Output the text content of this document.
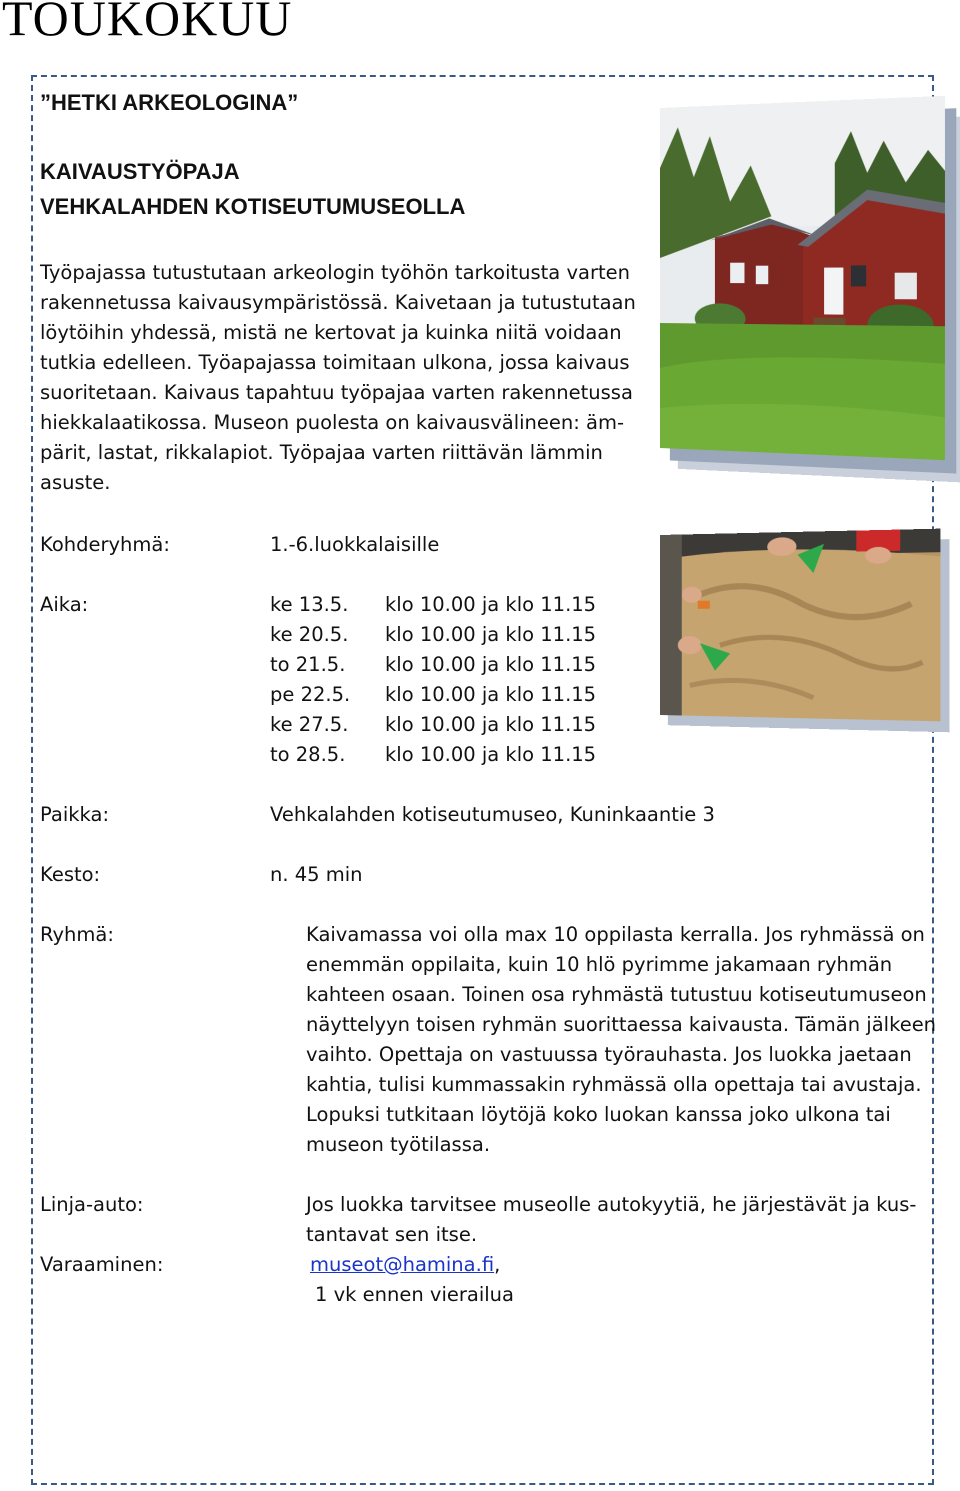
TOUKOKUU
”HETKI ARKEOLOGINA”
KAIVAUSTYÖPAJA
VEHKALAHDEN KOTISEUTUMUSEOLLA
Työpajassa tutustutaan arkeologin työhön tarkoitusta varten
rakennetussa kaivausympäristössä. Kaivetaan ja tutustutaan
löytöihin yhdessä, mistä ne kertovat ja kuinka niitä voidaan
tutkia edelleen. Työapajassa toimitaan ulkona, jossa kaivaus
suoritetaan. Kaivaus tapahtuu työpajaa varten rakennetussa
hiekkalaatikossa. Museon puolesta on kaivausvälineen: äm-
pärit, lastat, rikkalapiot. Työpajaa varten riittävän lämmin
asuste.
Kohderyhmä:	1.-6.luokkalaisille
Aika:	ke 13.5. klo 10.00 ja klo 11.15
ke 20.5. klo 10.00 ja klo 11.15
to 21.5. klo 10.00 ja klo 11.15
pe 22.5. klo 10.00 ja klo 11.15
ke 27.5. klo 10.00 ja klo 11.15
to 28.5. klo 10.00 ja klo 11.15
Paikka:	Vehkalahden kotiseutumuseo, Kuninkaantie 3
Kesto:	n. 45 min
Ryhmä:	Kaivamassa voi olla max 10 oppilasta kerralla. Jos ryhmässä on
enemmän oppilaita, kuin 10 hlö pyrimme jakamaan ryhmän
kahteen osaan. Toinen osa ryhmästä tutustuu kotiseutumuseon
näyttelyyn toisen ryhmän suorittaessa kaivausta. Tämän jälkeen
vaihto. Opettaja on vastuussa työrauhasta. Jos luokka jaetaan
kahtia, tulisi kummassakin ryhmässä olla opettaja tai avustaja.
Lopuksi tutkitaan löytöjä koko luokan kanssa joko ulkona tai
museon työtilassa.
Linja-auto:	Jos luokka tarvitsee museolle autokyytiä, he järjestävät ja kus-
tantavat sen itse.
Varaaminen:	museot@hamina.fi,
1 vk ennen vierailua
